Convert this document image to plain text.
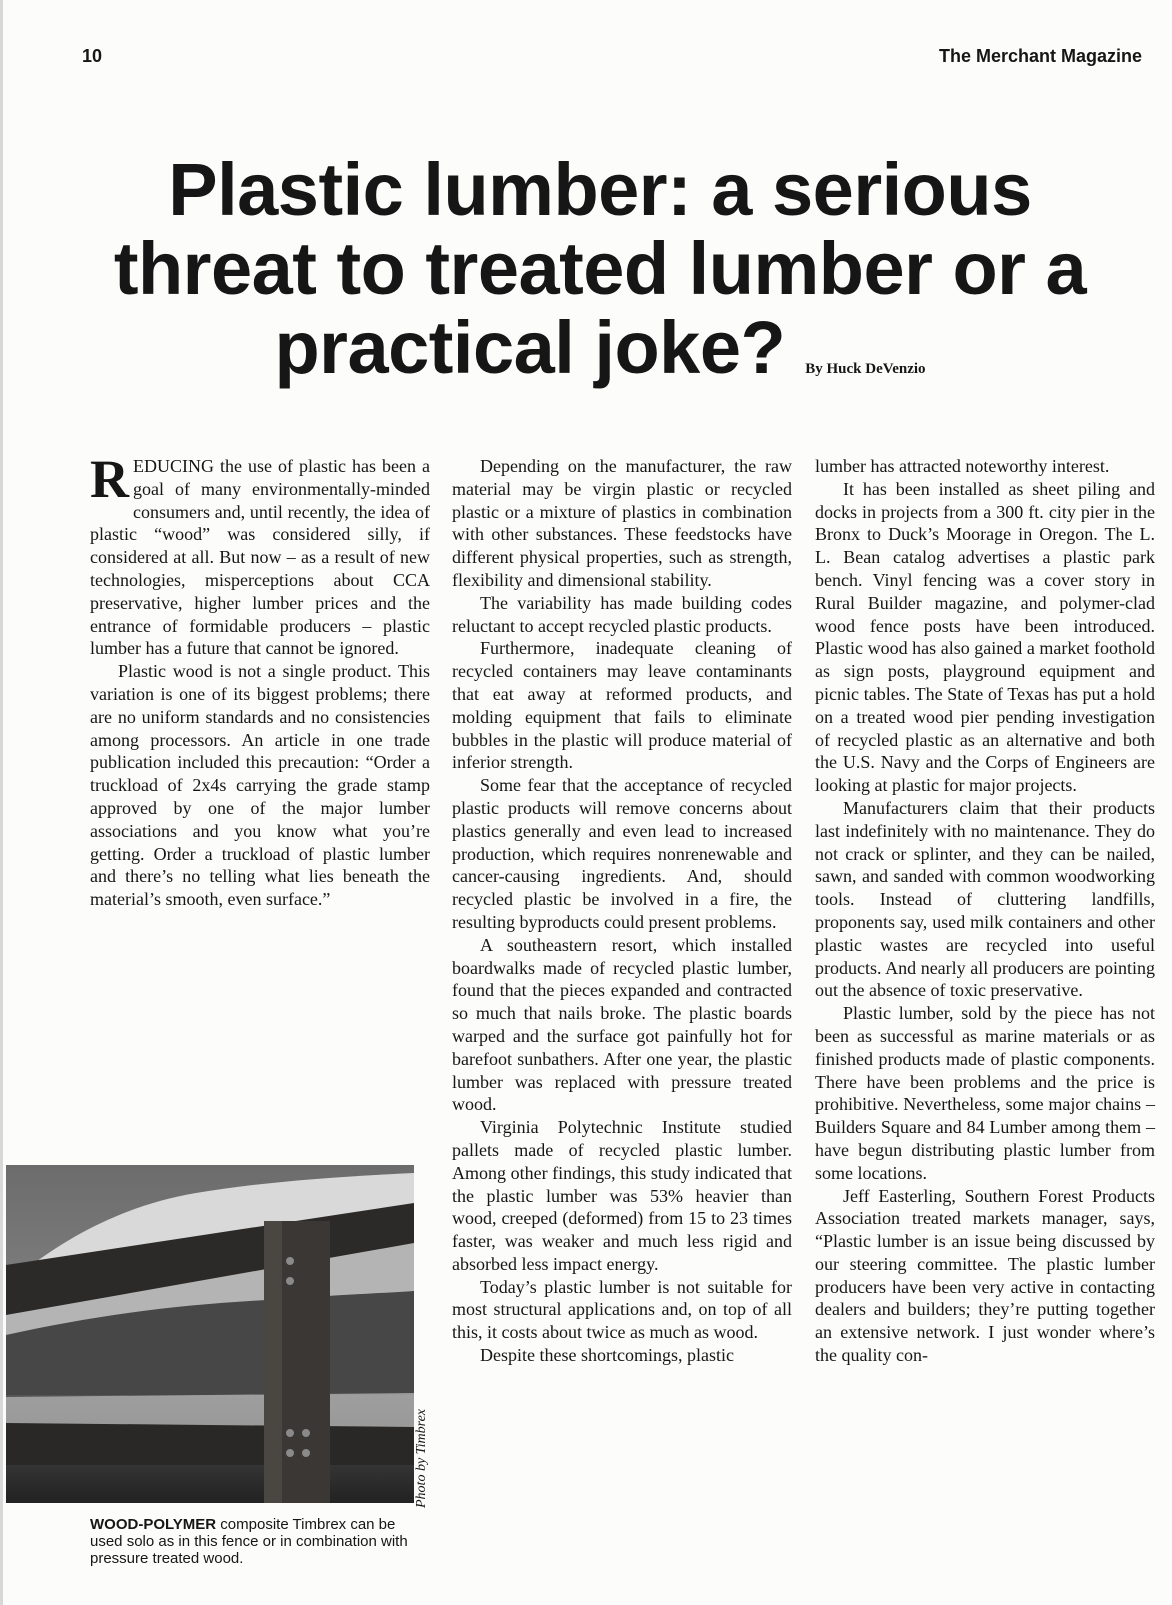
10	The Merchant Magazine
Plastic lumber: a serious threat to treated lumber or a practical joke? By Huck DeVenzio

REDUCING the use of plastic has been a goal of many environmentally-minded consumers and, until recently, the idea of plastic “wood” was considered silly, if considered at all. But now – as a result of new technologies, misperceptions about CCA preservative, higher lumber prices and the entrance of formidable producers – plastic lumber has a future that cannot be ignored.

Plastic wood is not a single product. This variation is one of its biggest problems; there are no uniform standards and no consistencies among processors. An article in one trade publication included this precaution: “Order a truckload of 2x4s carrying the grade stamp approved by one of the major lumber associations and you know what you’re getting. Order a truckload of plastic lumber and there’s no telling what lies beneath the material’s smooth, even surface.”

Depending on the manufacturer, the raw material may be virgin plastic or recycled plastic or a mixture of plastics in combination with other substances. These feedstocks have different physical properties, such as strength, flexibility and dimensional stability.

The variability has made building codes reluctant to accept recycled plastic products.

Furthermore, inadequate cleaning of recycled containers may leave contaminants that eat away at reformed products, and molding equipment that fails to eliminate bubbles in the plastic will produce material of inferior strength.

Some fear that the acceptance of recycled plastic products will remove concerns about plastics generally and even lead to increased production, which requires nonrenewable and cancer-causing ingredients. And, should recycled plastic be involved in a fire, the resulting byproducts could present problems.

A southeastern resort, which installed boardwalks made of recycled plastic lumber, found that the pieces expanded and contracted so much that nails broke. The plastic boards warped and the surface got painfully hot for barefoot sunbathers. After one year, the plastic lumber was replaced with pressure treated wood.

Virginia Polytechnic Institute studied pallets made of recycled plastic lumber. Among other findings, this study indicated that the plastic lumber was 53% heavier than wood, creeped (deformed) from 15 to 23 times faster, was weaker and much less rigid and absorbed less impact energy.

Today’s plastic lumber is not suitable for most structural applications and, on top of all this, it costs about twice as much as wood.

Despite these shortcomings, plastic

lumber has attracted noteworthy interest.

It has been installed as sheet piling and docks in projects from a 300 ft. city pier in the Bronx to Duck’s Moorage in Oregon. The L. L. Bean catalog advertises a plastic park bench. Vinyl fencing was a cover story in Rural Builder magazine, and polymer-clad wood fence posts have been introduced. Plastic wood has also gained a market foothold as sign posts, playground equipment and picnic tables. The State of Texas has put a hold on a treated wood pier pending investigation of recycled plastic as an alternative and both the U.S. Navy and the Corps of Engineers are looking at plastic for major projects.

Manufacturers claim that their products last indefinitely with no maintenance. They do not crack or splinter, and they can be nailed, sawn, and sanded with common woodworking tools. Instead of cluttering landfills, proponents say, used milk containers and other plastic wastes are recycled into useful products. And nearly all producers are pointing out the absence of toxic preservative.

Plastic lumber, sold by the piece has not been as successful as marine materials or as finished products made of plastic components. There have been problems and the price is prohibitive. Nevertheless, some major chains – Builders Square and 84 Lumber among them – have begun distributing plastic lumber from some locations.

Jeff Easterling, Southern Forest Products Association treated markets manager, says, “Plastic lumber is an issue being discussed by our steering committee. The plastic lumber producers have been very active in contacting dealers and builders; they’re putting together an extensive network. I just wonder where’s the quality con-

Photo by Timbrex
WOOD-POLYMER composite Timbrex can be used solo as in this fence or in combination with pressure treated wood.
